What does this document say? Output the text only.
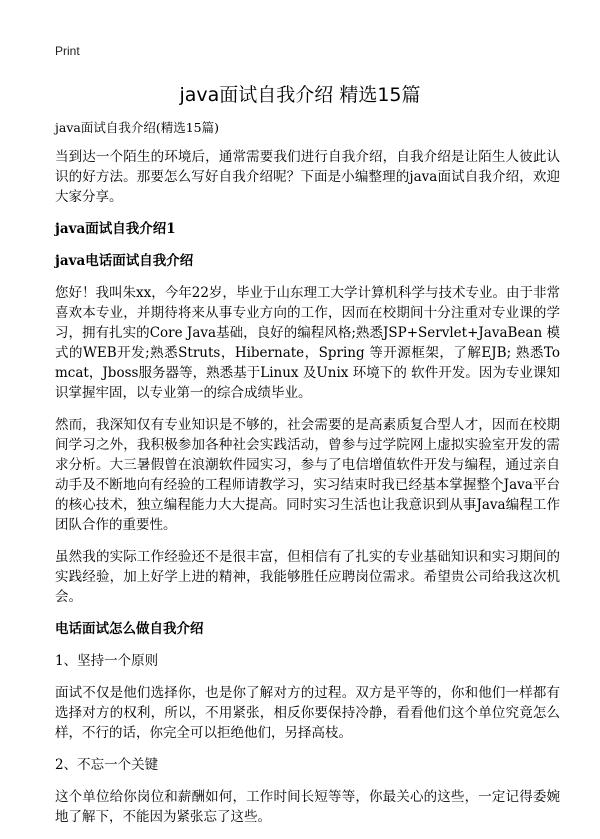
Print
java面试自我介绍 精选15篇

java面试自我介绍(精选15篇)

当到达一个陌生的环境后，通常需要我们进行自我介绍，自我介绍是让陌生人彼此认识的好方法。那要怎么写好自我介绍呢？下面是小编整理的java面试自我介绍，欢迎大家分享。

java面试自我介绍1

java电话面试自我介绍

您好！我叫朱xx，今年22岁，毕业于山东理工大学计算机科学与技术专业。由于非常喜欢本专业，并期待将来从事专业方向的工作，因而在校期间十分注重对专业课的学习，拥有扎实的Core Java基础，良好的编程风格;熟悉JSP+Servlet+JavaBean 模式的WEB开发;熟悉Struts，Hibernate，Spring 等开源框架，了解EJB; 熟悉Tomcat，Jboss服务器等，熟悉基于Linux 及Unix 环境下的 软件开发。因为专业课知识掌握牢固，以专业第一的综合成绩毕业。

然而，我深知仅有专业知识是不够的，社会需要的是高素质复合型人才，因而在校期间学习之外，我积极参加各种社会实践活动，曾参与过学院网上虚拟实验室开发的需求分析。大三暑假曾在浪潮软件园实习，参与了电信增值软件开发与编程，通过亲自动手及不断地向有经验的工程师请教学习，实习结束时我已经基本掌握整个Java平台的核心技术，独立编程能力大大提高。同时实习生活也让我意识到从事Java编程工作团队合作的重要性。

虽然我的实际工作经验还不是很丰富，但相信有了扎实的专业基础知识和实习期间的实践经验，加上好学上进的精神，我能够胜任应聘岗位需求。希望贵公司给我这次机会。

电话面试怎么做自我介绍

1、坚持一个原则

面试不仅是他们选择你，也是你了解对方的过程。双方是平等的，你和他们一样都有选择对方的权利，所以，不用紧张，相反你要保持冷静，看看他们这个单位究竟怎么样，不行的话，你完全可以拒绝他们，另择高枝。

2、不忘一个关键

这个单位给你岗位和薪酬如何，工作时间长短等等，你最关心的这些，一定记得委婉地了解下，不能因为紧张忘了这些。
